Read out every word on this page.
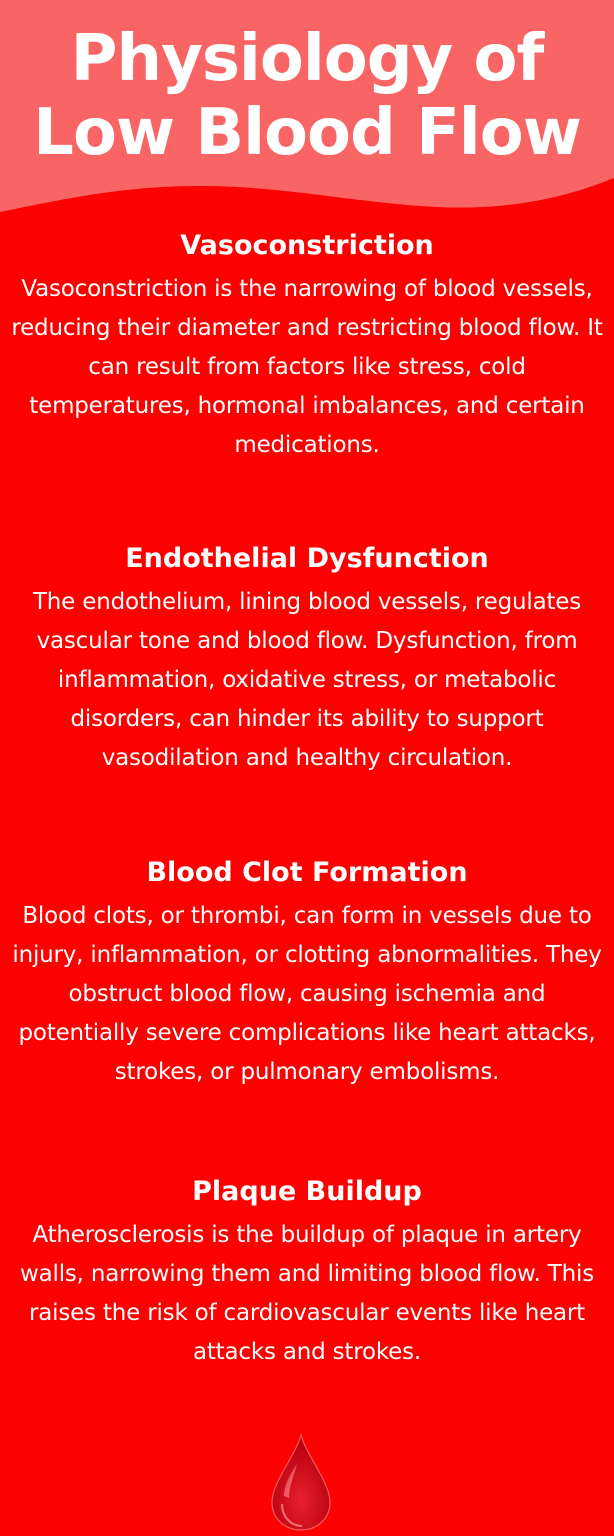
Physiology of
Low Blood Flow
Vasoconstriction

Vasoconstriction is the narrowing of blood vessels, reducing their diameter and restricting blood flow. It can result from factors like stress, cold temperatures, hormonal imbalances, and certain medications.

Endothelial Dysfunction

The endothelium, lining blood vessels, regulates vascular tone and blood flow. Dysfunction, from inflammation, oxidative stress, or metabolic disorders, can hinder its ability to support vasodilation and healthy circulation.

Blood Clot Formation

Blood clots, or thrombi, can form in vessels due to injury, inflammation, or clotting abnormalities. They obstruct blood flow, causing ischemia and potentially severe complications like heart attacks, strokes, or pulmonary embolisms.

Plaque Buildup

Atherosclerosis is the buildup of plaque in artery walls, narrowing them and limiting blood flow. This raises the risk of cardiovascular events like heart attacks and strokes.
